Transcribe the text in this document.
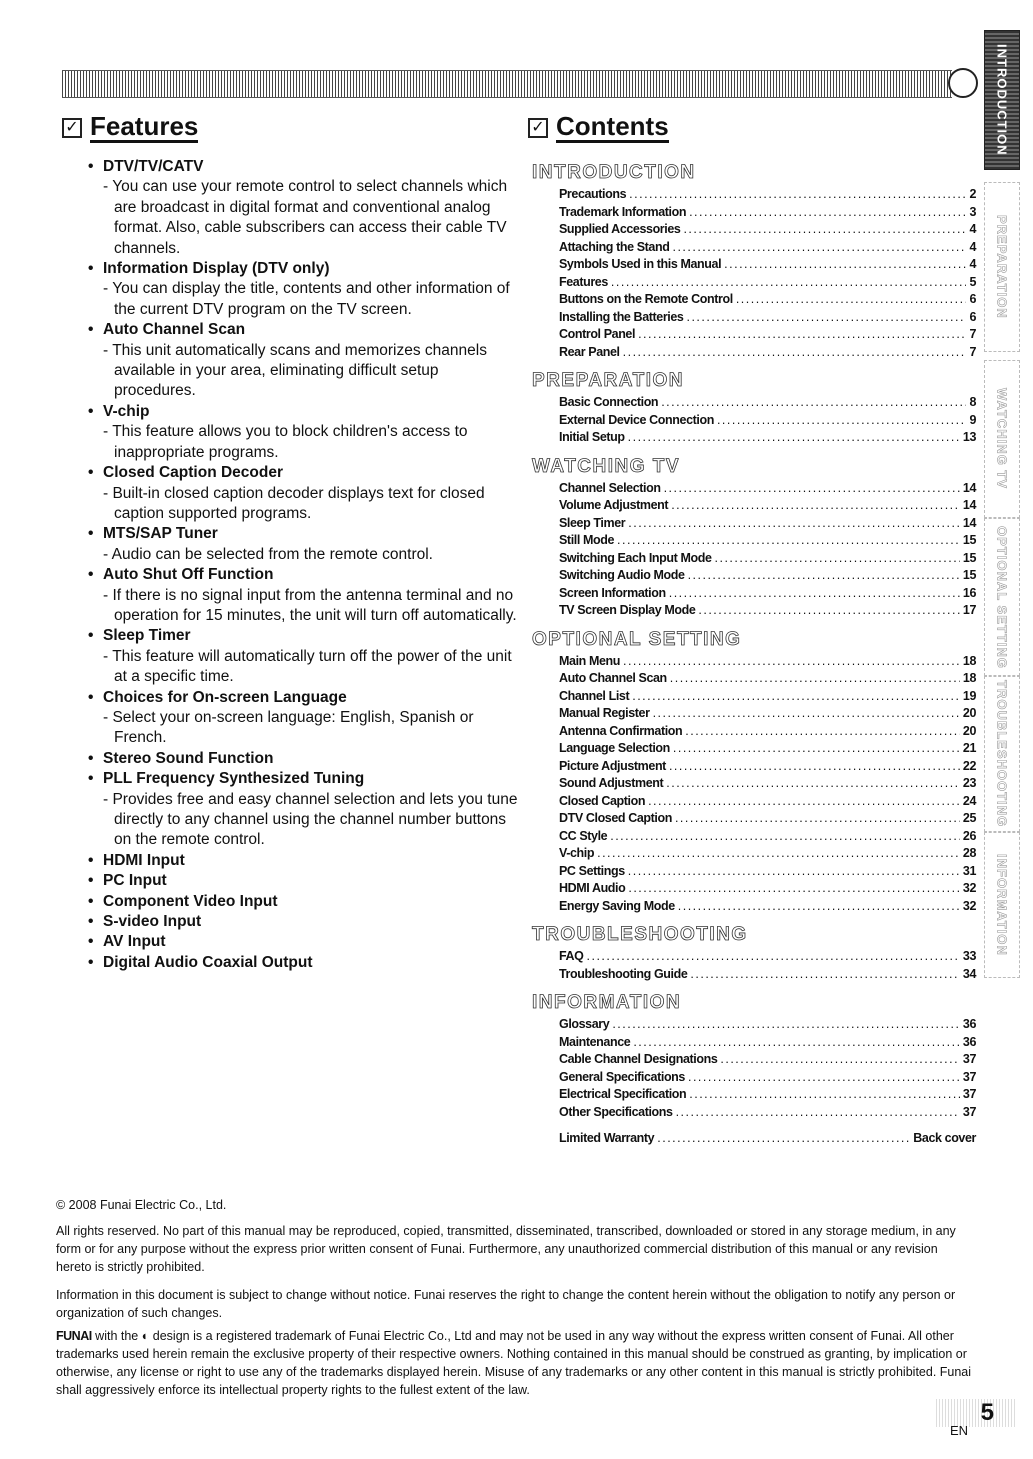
✓ Features	✓ Contents
• DTV/TV/CATV
- You can use your remote control to select channels which are broadcast in digital format and conventional analog format. Also, cable subscribers can access their cable TV channels.
• Information Display (DTV only)
- You can display the title, contents and other information of the current DTV program on the TV screen.
• Auto Channel Scan
- This unit automatically scans and memorizes channels available in your area, eliminating difficult setup procedures.
• V-chip
- This feature allows you to block children's access to inappropriate programs.
• Closed Caption Decoder
- Built-in closed caption decoder displays text for closed caption supported programs.
• MTS/SAP Tuner
- Audio can be selected from the remote control.
• Auto Shut Off Function
- If there is no signal input from the antenna terminal and no operation for 15 minutes, the unit will turn off automatically.
• Sleep Timer
- This feature will automatically turn off the power of the unit at a specific time.
• Choices for On-screen Language
- Select your on-screen language: English, Spanish or French.
• Stereo Sound Function
• PLL Frequency Synthesized Tuning
- Provides free and easy channel selection and lets you tune directly to any channel using the channel number buttons on the remote control.
• HDMI Input
• PC Input
• Component Video Input
• S-video Input
• AV Input
• Digital Audio Coaxial Output
INTRODUCTION
Precautions .....	2
Trademark Information .....	3
Supplied Accessories .....	4
Attaching the Stand .....	4
Symbols Used in this Manual .....	4
Features .....	5
Buttons on the Remote Control .....	6
Installing the Batteries .....	6
Control Panel .....	7
Rear Panel .....	7
PREPARATION
Basic Connection .....	8
External Device Connection .....	9
Initial Setup .....	13
WATCHING TV
Channel Selection .....	14
Volume Adjustment .....	14
Sleep Timer .....	14
Still Mode .....	15
Switching Each Input Mode .....	15
Switching Audio Mode .....	15
Screen Information .....	16
TV Screen Display Mode .....	17
OPTIONAL SETTING
Main Menu .....	18
Auto Channel Scan .....	18
Channel List .....	19
Manual Register .....	20
Antenna Confirmation .....	20
Language Selection .....	21
Picture Adjustment .....	22
Sound Adjustment .....	23
Closed Caption .....	24
DTV Closed Caption .....	25
CC Style .....	26
V-chip .....	28
PC Settings .....	31
HDMI Audio .....	32
Energy Saving Mode .....	32
TROUBLESHOOTING
FAQ .....	33
Troubleshooting Guide .....	34
INFORMATION
Glossary .....	36
Maintenance .....	36
Cable Channel Designations .....	37
General Specifications .....	37
Electrical Specification .....	37
Other Specifications .....	37
Limited Warranty .....	Back cover
INTRODUCTION
PREPARATION
WATCHING TV
OPTIONAL SETTING
TROUBLESHOOTING
INFORMATION

© 2008 Funai Electric Co., Ltd.

All rights reserved. No part of this manual may be reproduced, copied, transmitted, disseminated, transcribed, downloaded or stored in any storage medium, in any form or for any purpose without the express prior written consent of Funai. Furthermore, any unauthorized commercial distribution of this manual or any revision hereto is strictly prohibited.

Information in this document is subject to change without notice. Funai reserves the right to change the content herein without the obligation to notify any person or organization of such changes.

FUNAI with the ◐ design is a registered trademark of Funai Electric Co., Ltd and may not be used in any way without the express written consent of Funai. All other trademarks used herein remain the exclusive property of their respective owners. Nothing contained in this manual should be construed as granting, by implication or otherwise, any license or right to use any of the trademarks displayed herein. Misuse of any trademarks or any other content in this manual is strictly prohibited. Funai shall aggressively enforce its intellectual property rights to the fullest extent of the law.

5
EN
